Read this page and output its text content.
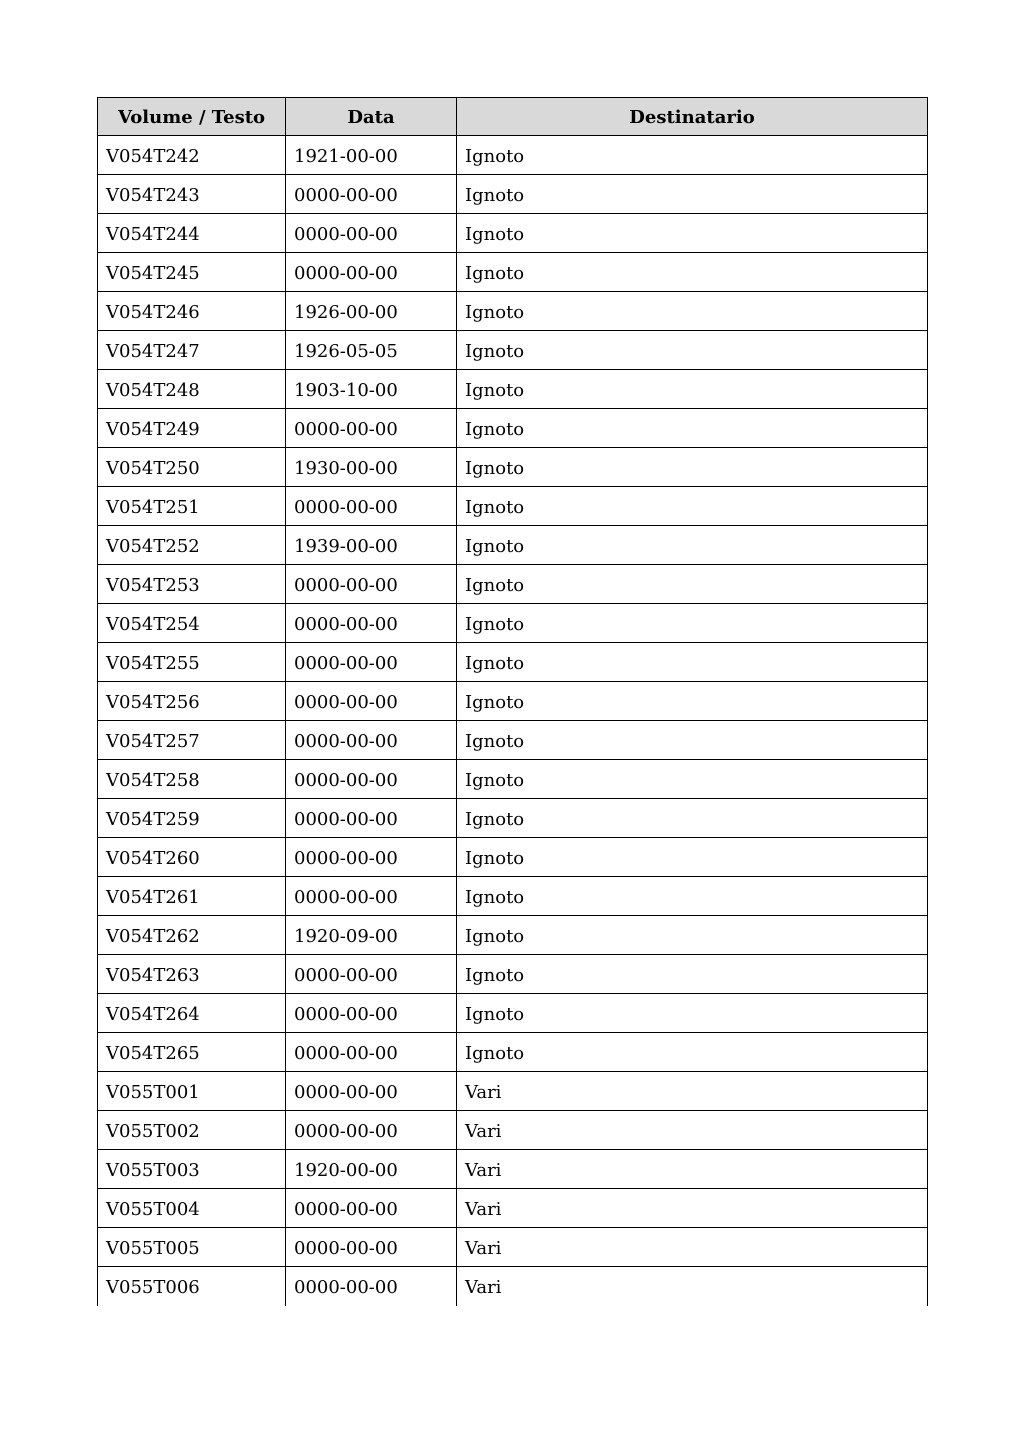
Volume / Testo	Data	Destinatario
V054T242	1921-00-00	Ignoto
V054T243	0000-00-00	Ignoto
V054T244	0000-00-00	Ignoto
V054T245	0000-00-00	Ignoto
V054T246	1926-00-00	Ignoto
V054T247	1926-05-05	Ignoto
V054T248	1903-10-00	Ignoto
V054T249	0000-00-00	Ignoto
V054T250	1930-00-00	Ignoto
V054T251	0000-00-00	Ignoto
V054T252	1939-00-00	Ignoto
V054T253	0000-00-00	Ignoto
V054T254	0000-00-00	Ignoto
V054T255	0000-00-00	Ignoto
V054T256	0000-00-00	Ignoto
V054T257	0000-00-00	Ignoto
V054T258	0000-00-00	Ignoto
V054T259	0000-00-00	Ignoto
V054T260	0000-00-00	Ignoto
V054T261	0000-00-00	Ignoto
V054T262	1920-09-00	Ignoto
V054T263	0000-00-00	Ignoto
V054T264	0000-00-00	Ignoto
V054T265	0000-00-00	Ignoto
V055T001	0000-00-00	Vari
V055T002	0000-00-00	Vari
V055T003	1920-00-00	Vari
V055T004	0000-00-00	Vari
V055T005	0000-00-00	Vari
V055T006	0000-00-00	Vari
